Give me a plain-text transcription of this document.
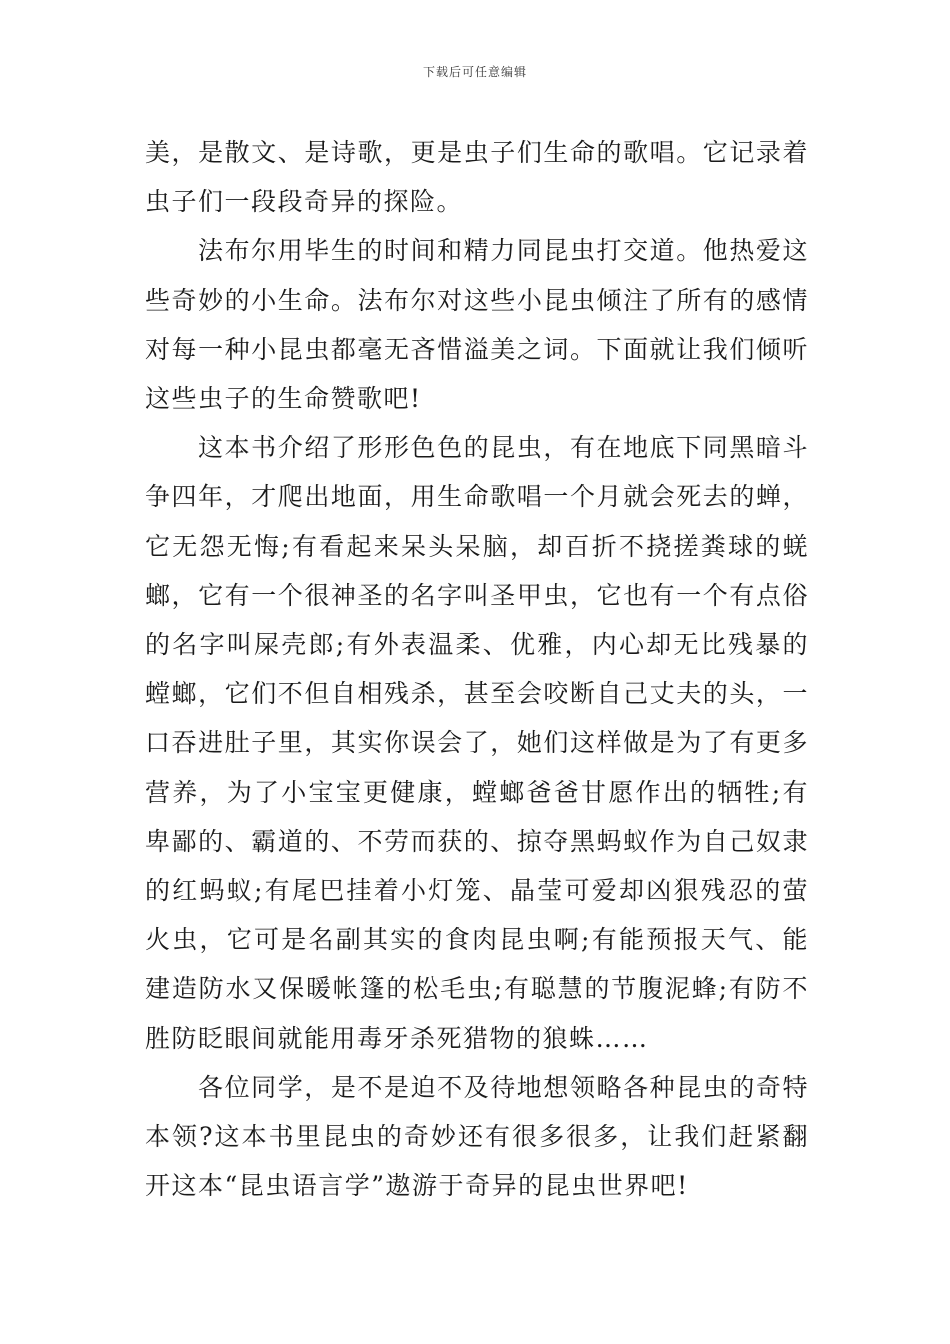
下载后可任意编辑

美，是散文、是诗歌，更是虫子们生命的歌唱。它记录着虫子们一段段奇异的探险。

法布尔用毕生的时间和精力同昆虫打交道。他热爱这些奇妙的小生命。法布尔对这些小昆虫倾注了所有的感情对每一种小昆虫都毫无吝惜溢美之词。下面就让我们倾听这些虫子的生命赞歌吧!

这本书介绍了形形色色的昆虫，有在地底下同黑暗斗争四年，才爬出地面，用生命歌唱一个月就会死去的蝉，它无怨无悔;有看起来呆头呆脑，却百折不挠搓粪球的蜣螂，它有一个很神圣的名字叫圣甲虫，它也有一个有点俗的名字叫屎壳郎;有外表温柔、优雅，内心却无比残暴的螳螂，它们不但自相残杀，甚至会咬断自己丈夫的头，一口吞进肚子里，其实你误会了，她们这样做是为了有更多营养，为了小宝宝更健康，螳螂爸爸甘愿作出的牺牲;有卑鄙的、霸道的、不劳而获的、掠夺黑蚂蚁作为自己奴隶的红蚂蚁;有尾巴挂着小灯笼、晶莹可爱却凶狠残忍的萤火虫，它可是名副其实的食肉昆虫啊;有能预报天气、能建造防水又保暖帐篷的松毛虫;有聪慧的节腹泥蜂;有防不胜防眨眼间就能用毒牙杀死猎物的狼蛛……

各位同学，是不是迫不及待地想领略各种昆虫的奇特本领?这本书里昆虫的奇妙还有很多很多，让我们赶紧翻开这本“昆虫语言学”遨游于奇异的昆虫世界吧!
